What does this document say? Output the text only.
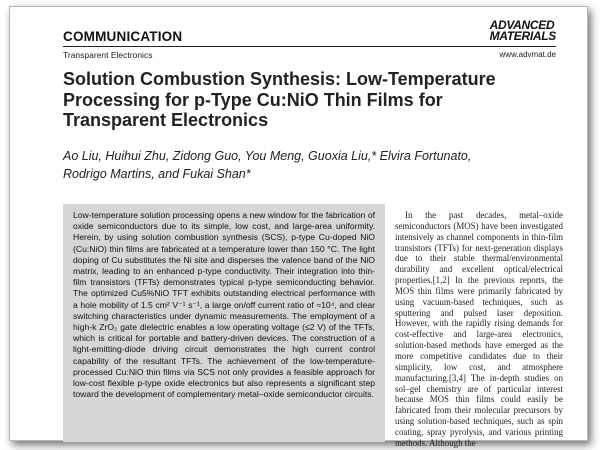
COMMUNICATION
ADVANCED
MATERIALS
Transparent Electronics	www.advmat.de
Solution Combustion Synthesis: Low-Temperature Processing for p-Type Cu:NiO Thin Films for Transparent Electronics
Ao Liu, Huihui Zhu, Zidong Guo, You Meng, Guoxia Liu,* Elvira Fortunato, Rodrigo Martins, and Fukai Shan*
Low-temperature solution processing opens a new window for the fabrication of oxide semiconductors due to its simple, low cost, and large-area uniformity. Herein, by using solution combustion synthesis (SCS), p-type Cu-doped NiO (Cu:NiO) thin films are fabricated at a temperature lower than 150 °C. The light doping of Cu substitutes the Ni site and disperses the valence band of the NiO matrix, leading to an enhanced p-type conductivity. Their integration into thin-film transistors (TFTs) demonstrates typical p-type semiconducting behavior. The optimized Cu5%NiO TFT exhibits outstanding electrical performance with a hole mobility of 1.5 cm² V⁻¹ s⁻¹, a large on/off current ratio of ≈10⁴, and clear switching characteristics under dynamic measurements. The employment of a high-k ZrO₂ gate dielectric enables a low operating voltage (≤2 V) of the TFTs, which is critical for portable and battery-driven devices. The construction of a light-emitting-diode driving circuit demonstrates the high current control capability of the resultant TFTs. The achievement of the low-temperature-processed Cu:NiO thin films via SCS not only provides a feasible approach for low-cost flexible p-type oxide electronics but also represents a significant step toward the development of complementary metal–oxide semiconductor circuits.

In the past decades, metal–oxide semiconductors (MOS) have been investigated intensively as channel components in thin-film transistors (TFTs) for next-generation displays due to their stable thermal/environmental durability and excellent optical/electrical properties.[1,2] In the previous reports, the MOS thin films were primarily fabricated by using vacuum-based techniques, such as sputtering and pulsed laser deposition. However, with the rapidly rising demands for cost-effective and large-area electronics, solution-based methods have emerged as the more competitive candidates due to their simplicity, low cost, and atmosphere manufacturing.[3,4] The in-depth studies on sol–gel chemistry are of particular interest because MOS thin films could easily be fabricated from their molecular precursors by using solution-based techniques, such as spin coating, spray pyrolysis, and various printing methods. Although the
